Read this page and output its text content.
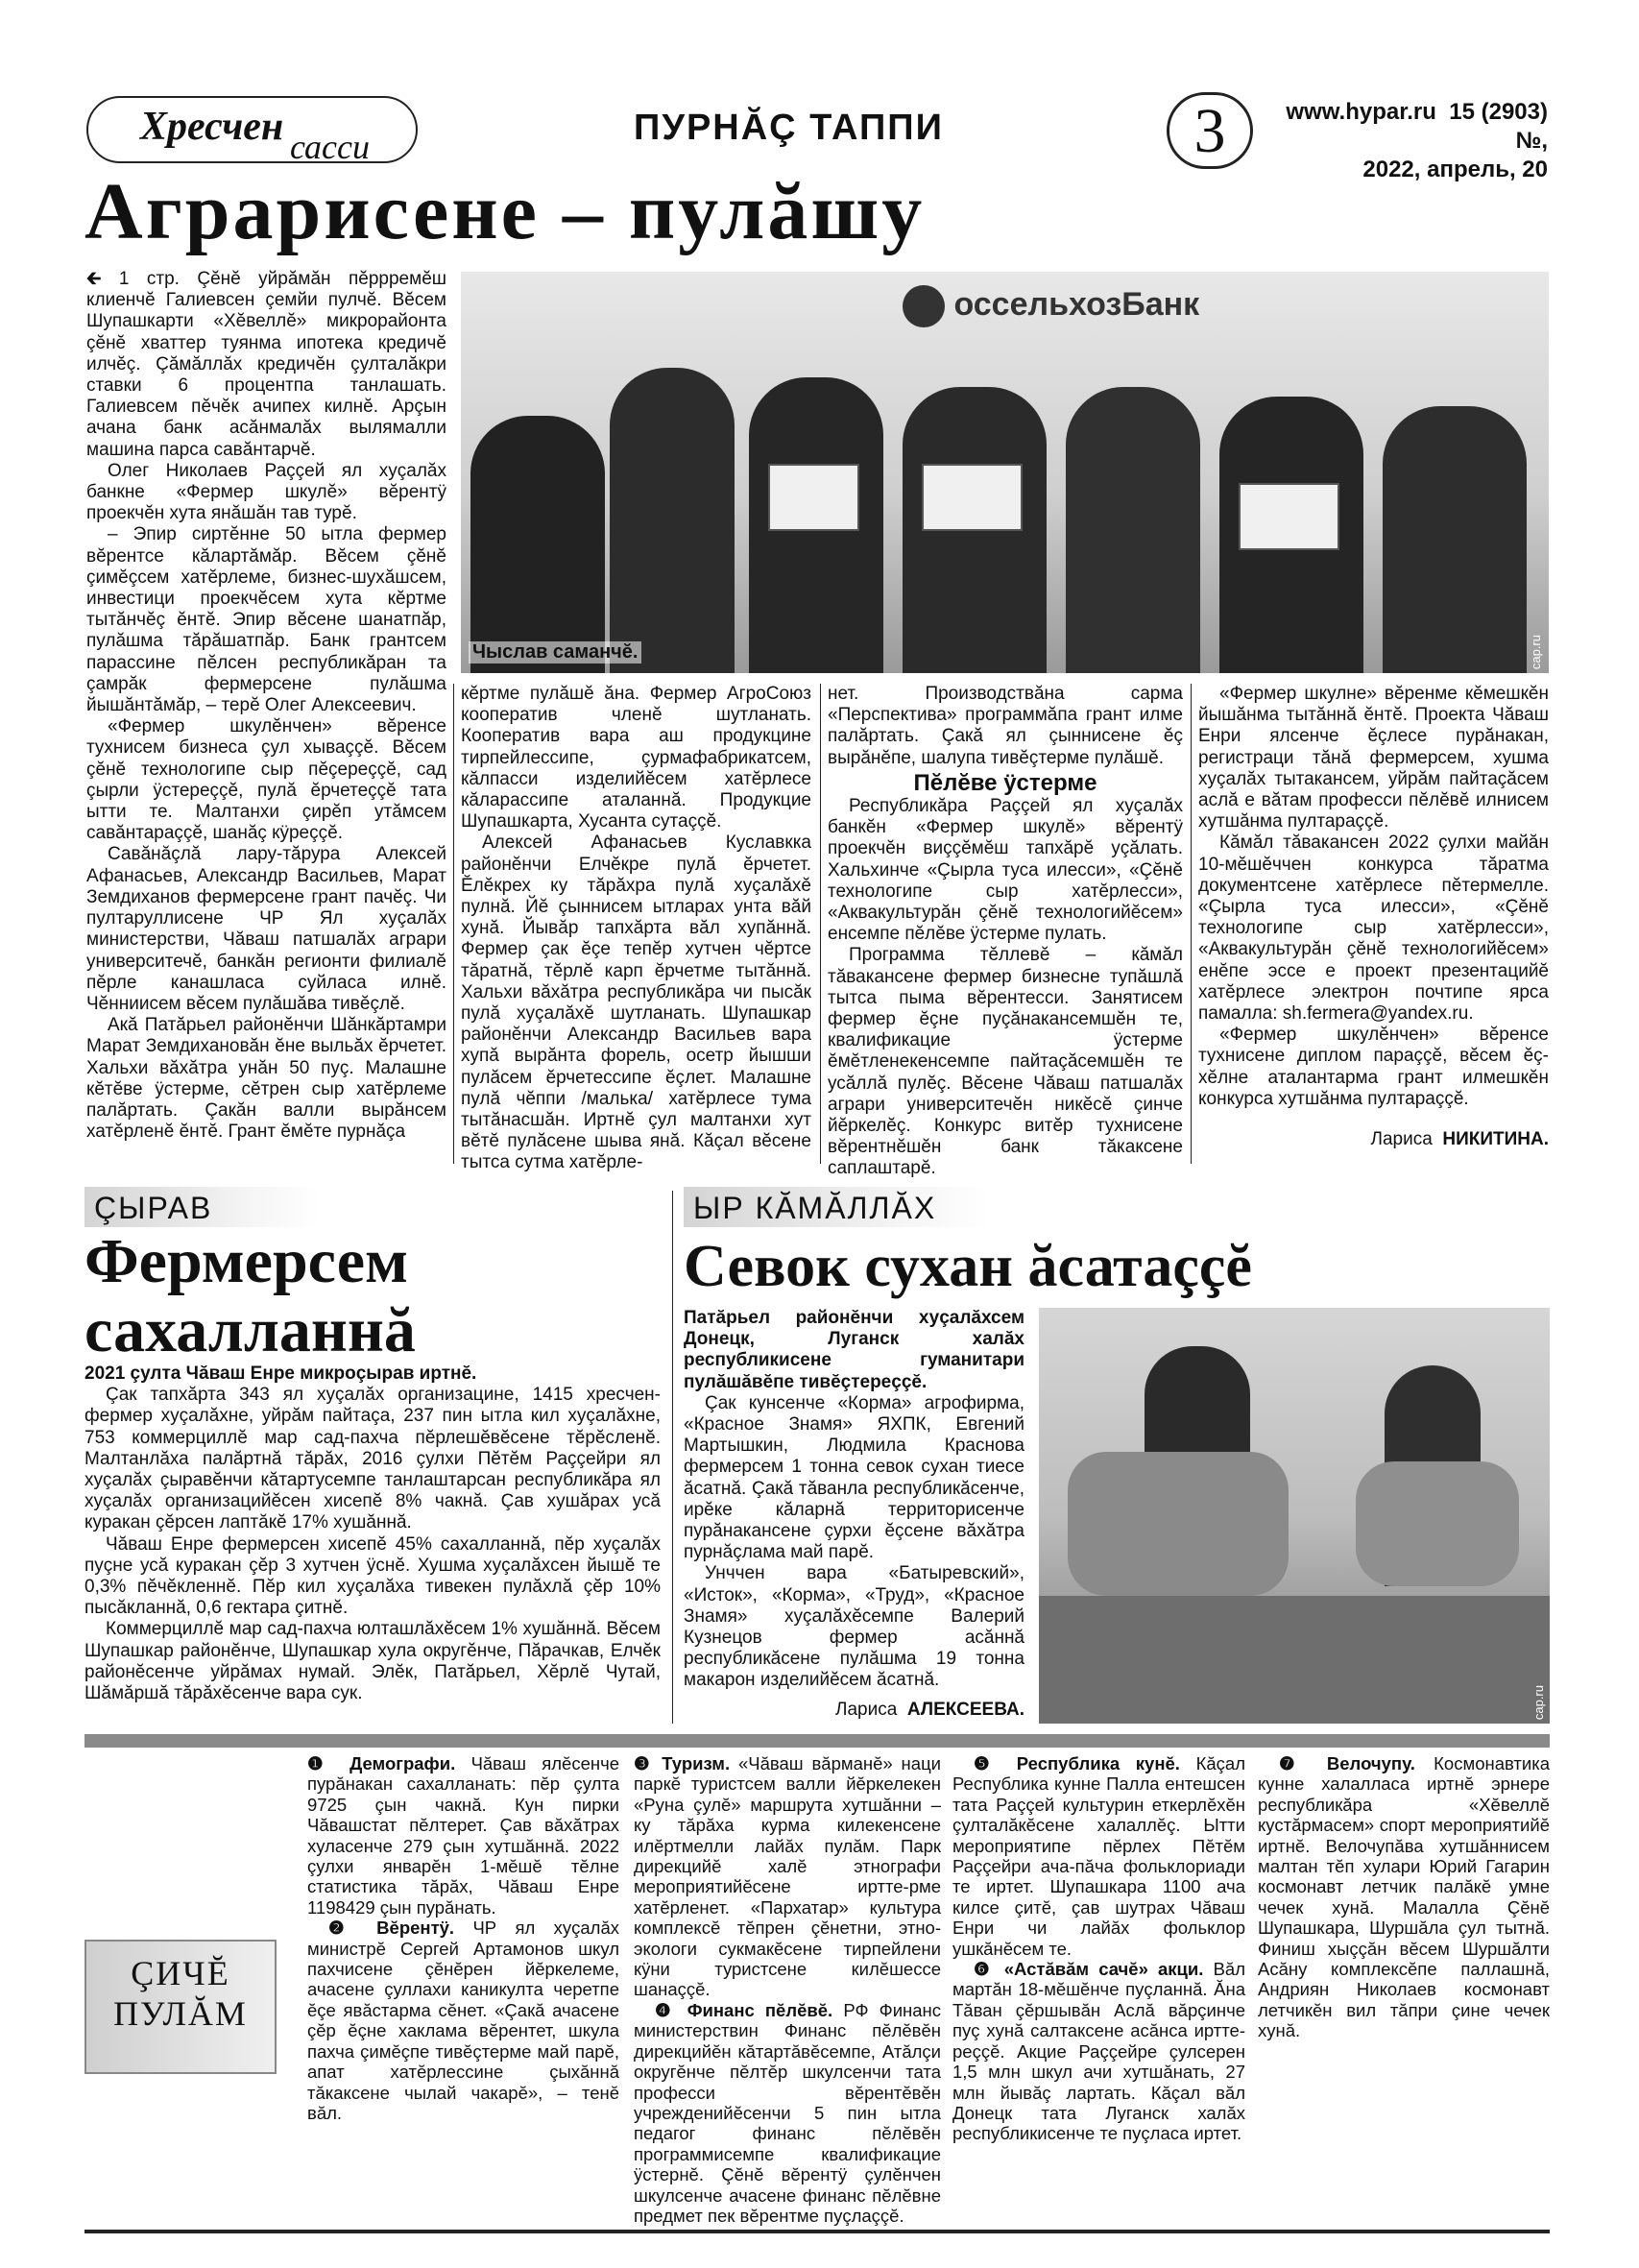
Хресчен сасси	ПУРНĂÇ ТАППИ	3	www.hypar.ru 15 (2903) №,
2022, апрель, 20
Аграрисене – пулăшу
оссельхозБанк
Чыслав саманчĕ.	cap.ru

🡰 1 стр. Çĕнĕ уйрăмăн пĕррремĕш клиенчĕ Галиевсен çемйи пулчĕ. Вĕсем Шупашкарти «Хĕвеллĕ» микрорайонта çĕнĕ хваттер туянма ипотека кредичĕ илчĕç. Çăмăллăх кредичĕн çулталăкри ставки 6 процентпа танлашать. Галиевсем пĕчĕк ачипех килнĕ. Арçын ачана банк асăнмалăх вылямалли машина парса савăнтарчĕ.

Олег Николаев Раççей ял хуçалăх банкне «Фермер шкулĕ» вĕрентÿ проекчĕн хута янăшăн тав турĕ.

– Эпир сиртĕнне 50 ытла фермер вĕрентсе кăлартăмăр. Вĕсем çĕнĕ çимĕçсем хатĕрлеме, бизнес-шухăшсем, инвестици проекчĕсем хута кĕртме тытăнчĕç ĕнтĕ. Эпир вĕсене шанатпăр, пулăшма тăрăшатпăр. Банк грантсем парассине пĕлсен республикăран та çамрăк фермерсене пулăшма йышăнтăмăр, – терĕ Олег Алексеевич.

«Фермер шкулĕнчен» вĕренсе тухнисем бизнеса çул хываççĕ. Вĕсем çĕнĕ технологипе сыр пĕçереççĕ, сад çырли ÿстереççĕ, пулă ĕрчетеççĕ тата ытти те. Малтанхи çирĕп утăмсем савăнтараççĕ, шанăç кÿреççĕ.

Савăнăçлă лару-тăрура Алексей Афанасьев, Александр Васильев, Марат Земдиханов фермерсене грант пачĕç. Чи пултаруллисене ЧР Ял хуçалăх министерстви, Чăваш патшалăх аграри университечĕ, банкăн регионти филиалĕ пĕрле канашласа суйласа илнĕ. Чĕнниисем вĕсем пулăшăва тивĕçлĕ.

Акă Патăрьел районĕнчи Шăнкăртамри Марат Земдихановăн ĕне выльăх ĕрчетет. Хальхи вăхăтра унăн 50 пуç. Малашне кĕтĕве ÿстерме, сĕтрен сыр хатĕрлеме палăртать. Çакăн валли вырăнсем хатĕрленĕ ĕнтĕ. Грант ĕмĕте пурнăçа

кĕртме пулăшĕ ăна. Фермер АгроСоюз кооператив членĕ шутланать. Кооператив вара аш продукцине тирпейлессипе, çурмафабрикатсем, кăлпасси изделийĕсем хатĕрлесе кăларассипе аталаннă. Продукцие Шупашкарта, Хусанта сутаççĕ.

Алексей Афанасьев Куславкка районĕнчи Елчĕкре пулă ĕрчетет. Ĕлĕкрех ку тăрăхра пулă хуçалăхĕ пулнă. Йĕ çыннисем ытларах унта вăй хунă. Йывăр тапхăрта вăл хупăннă. Фермер çак ĕçе тепĕр хутчен чĕртсе тăратнă, тĕрлĕ карп ĕрчетме тытăннă. Хальхи вăхăтра республикăра чи пысăк пулă хуçалăхĕ шутланать. Шупашкар районĕнчи Александр Васильев вара хупă вырăнта форель, осетр йышши пулăсем ĕрчетессипе ĕçлет. Малашне пулă чĕппи /малька/ хатĕрлесе тума тытăнасшăн. Иртнĕ çул малтанхи хут вĕтĕ пулăсене шыва янă. Кăçал вĕсене тытса сутма хатĕрле-

нет. Производствăна сарма «Перспектива» программăпа грант илме палăртать. Çакă ял çыннисене ĕç вырăнĕпе, шалупа тивĕçтерме пулăшĕ.

Пĕлĕве ÿстерме

Республикăра Раççей ял хуçалăх банкĕн «Фермер шкулĕ» вĕрентÿ проекчĕн виççĕмĕш тапхăрĕ уçăлать. Хальхинче «Çырла туса илесси», «Çĕнĕ технологипе сыр хатĕрлесси», «Аквакультурăн çĕнĕ технологийĕсем» енсемпе пĕлĕве ÿстерме пулать.

Программа тĕллевĕ – кăмăл тăвакансене фермер бизнесне тупăшлă тытса пыма вĕрентесси. Занятисем фермер ĕçне пуçăнакансемшĕн те, квалификацие ÿстерме ĕмĕтленекенсемпе пайтаçăсемшĕн те усăллă пулĕç. Вĕсене Чăваш патшалăх аграри университечĕн никĕсĕ çинче йĕркелĕç. Конкурс витĕр тухнисене вĕрентнĕшĕн банк тăкаксене саплаштарĕ.

«Фермер шкулне» вĕренме кĕмешкĕн йышăнма тытăннă ĕнтĕ. Проекта Чăваш Енри ялсенче ĕçлесе пурăнакан, регистраци тăнă фермерсем, хушма хуçалăх тытакансем, уйрăм пайтаçăсем аслă е вăтам професси пĕлĕвĕ илнисем хутшăнма пултараççĕ.

Кăмăл тăвакансен 2022 çулхи майăн 10-мĕшĕччен конкурса тăратма документсене хатĕрлесе пĕтермелле. «Çырла туса илесси», «Çĕнĕ технологипе сыр хатĕрлесси», «Аквакультурăн çĕнĕ технологийĕсем» енĕпе эссе е проект презентацийĕ хатĕрлесе электрон почтипе ярса памалла: sh.fermera@yandex.ru.

«Фермер шкулĕнчен» вĕренсе тухнисене диплом параççĕ, вĕсем ĕç-хĕлне аталантарма грант илмешкĕн конкурса хутшăнма пултараççĕ.

Лариса НИКИТИНА.

ÇЫРАВ
Фермерсем сахалланнă

2021 çулта Чăваш Енре микроçырав иртнĕ.

Çак тапхăрта 343 ял хуçалăх организацине, 1415 хресчен-фермер хуçалăхне, уйрăм пайтаçа, 237 пин ытла кил хуçалăхне, 753 коммерциллĕ мар сад-пахча пĕрлешĕвĕсене тĕрĕсленĕ. Малтанлăха палăртнă тăрăх, 2016 çулхи Пĕтĕм Раççейри ял хуçалăх çыравĕнчи кăтартусемпе танлаштарсан республикăра ял хуçалăх организацийĕсен хисепĕ 8% чакнă. Çав хушăрах усă куракан çĕрсен лаптăкĕ 17% хушăннă.

Чăваш Енре фермерсен хисепĕ 45% сахалланнă, пĕр хуçалăх пуçне усă куракан çĕр 3 хутчен ÿснĕ. Хушма хуçалăхсен йышĕ те 0,3% пĕчĕкленнĕ. Пĕр кил хуçалăха тивекен пулăхлă çĕр 10% пысăкланнă, 0,6 гектара çитнĕ.

Коммерциллĕ мар сад-пахча юлташлăхĕсем 1% хушăннă. Вĕсем Шупашкар районĕнче, Шупашкар хула округĕнче, Пăрачкав, Елчĕк районĕсенче уйрăмах нумай. Элĕк, Патăрьел, Хĕрлĕ Чутай, Шăмăршă тăрăхĕсенче вара сук.

ЫР КĂМĂЛЛĂХ
Севок сухан ăсатаççĕ

Патăрьел районĕнчи хуçалăхсем Донецк, Луганск халăх республикисене гуманитари пулăшăвĕпе тивĕçтереççĕ.

Çак кунсенче «Корма» агрофирма, «Красное Знамя» ЯХПК, Евгений Мартышкин, Людмила Краснова фермерсем 1 тонна севок сухан тиесе ăсатнă. Çакă тăванла республикăсенче, ирĕке кăларнă территорисенче пурăнакансене çурхи ĕçсене вăхăтра пурнăçлама май парĕ.

Унччен вара «Батыревский», «Исток», «Корма», «Труд», «Красное Знамя» хуçалăхĕсемпе Валерий Кузнецов фермер асăннă республикăсене пулăшма 19 тонна макарон изделийĕсем ăсатнă.

Лариса АЛЕКСЕЕВА.	cap.ru
ÇИЧĔ
ПУЛĂМ

❶ Демографи. Чăваш ялĕсенче пурăнакан сахалланать: пĕр çулта 9725 çын чакнă. Кун пирки Чăвашстат пĕлтерет. Çав вăхăтрах хуласенче 279 çын хутшăннă. 2022 çулхи январĕн 1-мĕшĕ тĕлне статистика тăрăх, Чăваш Енре 1198429 çын пурăнать.

❷ Вĕрентÿ. ЧР ял хуçалăх министрĕ Сергей Артамонов шкул пахчисене çĕнĕрен йĕркелеме, ачасене çуллахи каникулта черетпе ĕçе явăстарма сĕнет. «Çакă ачасене çĕр ĕçне хаклама вĕрентет, шкула пахча çимĕçпе тивĕçтерме май парĕ, апат хатĕрлессине çыхăннă тăкаксене чылай чакарĕ», – тенĕ вăл.

❸ Туризм. «Чăваш вăрманĕ» наци паркĕ туристсем валли йĕркелекен «Руна çулĕ» маршрута хутшăнни – ку тăрăха курма килекенсене илĕртмелли лайăх пулăм. Парк дирекцийĕ халĕ этнографи мероприятийĕсене иртте-рме хатĕрленет. «Пархатар» культура комплексĕ тĕпрен çĕнетни, этно-экологи сукмакĕсене тирпейлени кÿни туристсене килĕшессе шанаççĕ.

❹ Финанс пĕлĕвĕ. РФ Финанс министерствин Финанс пĕлĕвĕн дирекцийĕн кăтартăвĕсемпе, Атăлçи округĕнче пĕлтĕр шкулсенчи тата професси вĕрентĕвĕн учрежденийĕсенчи 5 пин ытла педагог финанс пĕлĕвĕн программисемпе квалификацие ÿстернĕ. Çĕнĕ вĕрентÿ çулĕнчен шкулсенче ачасене финанс пĕлĕвне предмет пек вĕрентме пуçлаççĕ.

❺ Республика кунĕ. Кăçал Республика кунне Палла ентешсен тата Раççей культурин еткерлĕхĕн çулталăкĕсене халаллĕç. Ытти мероприятипе пĕрлех Пĕтĕм Раççейри ача-пăча фольклориади те иртет. Шупашкара 1100 ача килсе çитĕ, çав шутрах Чăваш Енри чи лайăх фольклор ушкăнĕсем те.

❻ «Астăвăм сачĕ» акци. Вăл мартăн 18-мĕшĕнче пуçланнă. Ăна Тăван çĕршывăн Аслă вăрçинче пуç хунă салтаксене асăнса иртте-реççĕ. Акцие Раççейре çулсерен 1,5 млн шкул ачи хутшăнать, 27 млн йывăç лартать. Кăçал вăл Донецк тата Луганск халăх республикисенче те пуçласа иртет.

❼ Велочупу. Космонавтика кунне халалласа иртнĕ эрнере республикăра «Хĕвеллĕ кустăрмасем» спорт мероприятийĕ иртнĕ. Велочупăва хутшăннисем малтан тĕп хулари Юрий Гагарин космонавт летчик палăкĕ умне чечек хунă. Малалла Çĕнĕ Шупашкара, Шуршăла çул тытнă. Финиш хыççăн вĕсем Шуршăлти Асăну комплексĕпе паллашнă, Андриян Николаев космонавт летчикĕн вил тăпри çине чечек хунă.
